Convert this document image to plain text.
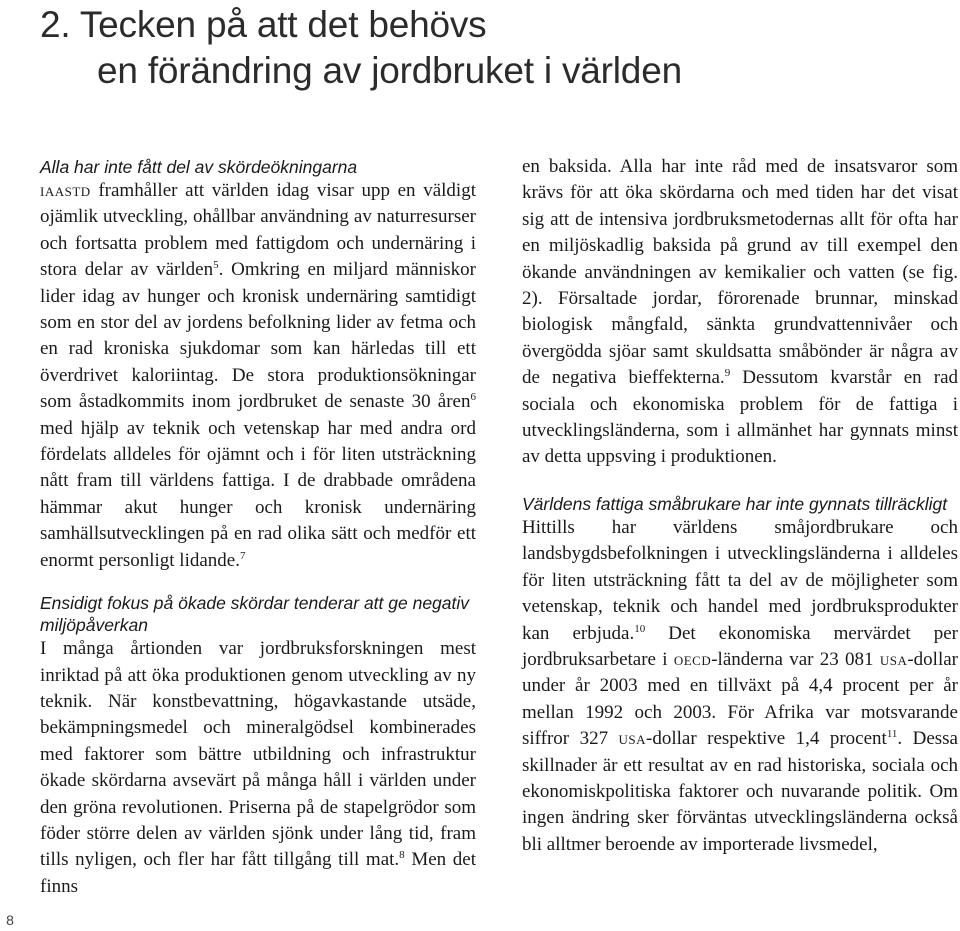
2. Tecken på att det behövs
en förändring av jordbruket i världen
Alla har inte fått del av skördeökningarna

iaastd framhåller att världen idag visar upp en väldigt ojämlik utveckling, ohållbar användning av naturresurser och fortsatta problem med fattigdom och undernäring i stora delar av världen$^5$. Omkring en miljard människor lider idag av hunger och kronisk undernäring samtidigt som en stor del av jordens befolkning lider av fetma och en rad kroniska sjukdomar som kan härledas till ett överdrivet kaloriintag. De stora produktionsökningar som åstadkommits inom jordbruket de senaste 30 åren$^6$ med hjälp av teknik och vetenskap har med andra ord fördelats alldeles för ojämnt och i för liten utsträckning nått fram till världens fattiga. I de drabbade områdena hämmar akut hunger och kronisk undernäring samhällsutvecklingen på en rad olika sätt och medför ett enormt personligt lidande.$^7$

Ensidigt fokus på ökade skördar tenderar att ge negativ miljöpåverkan

I många årtionden var jordbruksforskningen mest inriktad på att öka produktionen genom utveckling av ny teknik. När konstbevattning, högavkastande utsäde, bekämpningsmedel och mineralgödsel kombinerades med faktorer som bättre utbildning och infrastruktur ökade skördarna avsevärt på många håll i världen under den gröna revolutionen. Priserna på de stapelgrödor som föder större delen av världen sjönk under lång tid, fram tills nyligen, och fler har fått tillgång till mat.$^8$ Men det finns

en baksida. Alla har inte råd med de insatsvaror som krävs för att öka skördarna och med tiden har det visat sig att de intensiva jordbruksmetodernas allt för ofta har en miljöskadlig baksida på grund av till exempel den ökande användningen av kemikalier och vatten (se fig. 2). Försaltade jordar, förorenade brunnar, minskad biologisk mångfald, sänkta grundvattennivåer och övergödda sjöar samt skuldsatta småbönder är några av de negativa bieffekterna.$^9$ Dessutom kvarstår en rad sociala och ekonomiska problem för de fattiga i utvecklingsländerna, som i allmänhet har gynnats minst av detta uppsving i produktionen.

Världens fattiga småbrukare har inte gynnats tillräckligt

Hittills har världens småjordbrukare och landsbygdsbefolkningen i utvecklingsländerna i alldeles för liten utsträckning fått ta del av de möjligheter som vetenskap, teknik och handel med jordbruksprodukter kan erbjuda.$^{10}$ Det ekonomiska mervärdet per jordbruksarbetare i oecd-länderna var 23 081 usa-dollar under år 2003 med en tillväxt på 4,4 procent per år mellan 1992 och 2003. För Afrika var motsvarande siffror 327 usa-dollar respektive 1,4 procent$^{11}$. Dessa skillnader är ett resultat av en rad historiska, sociala och ekonomiskpolitiska faktorer och nuvarande politik. Om ingen ändring sker förväntas utvecklingsländerna också bli alltmer beroende av importerade livsmedel,

8
